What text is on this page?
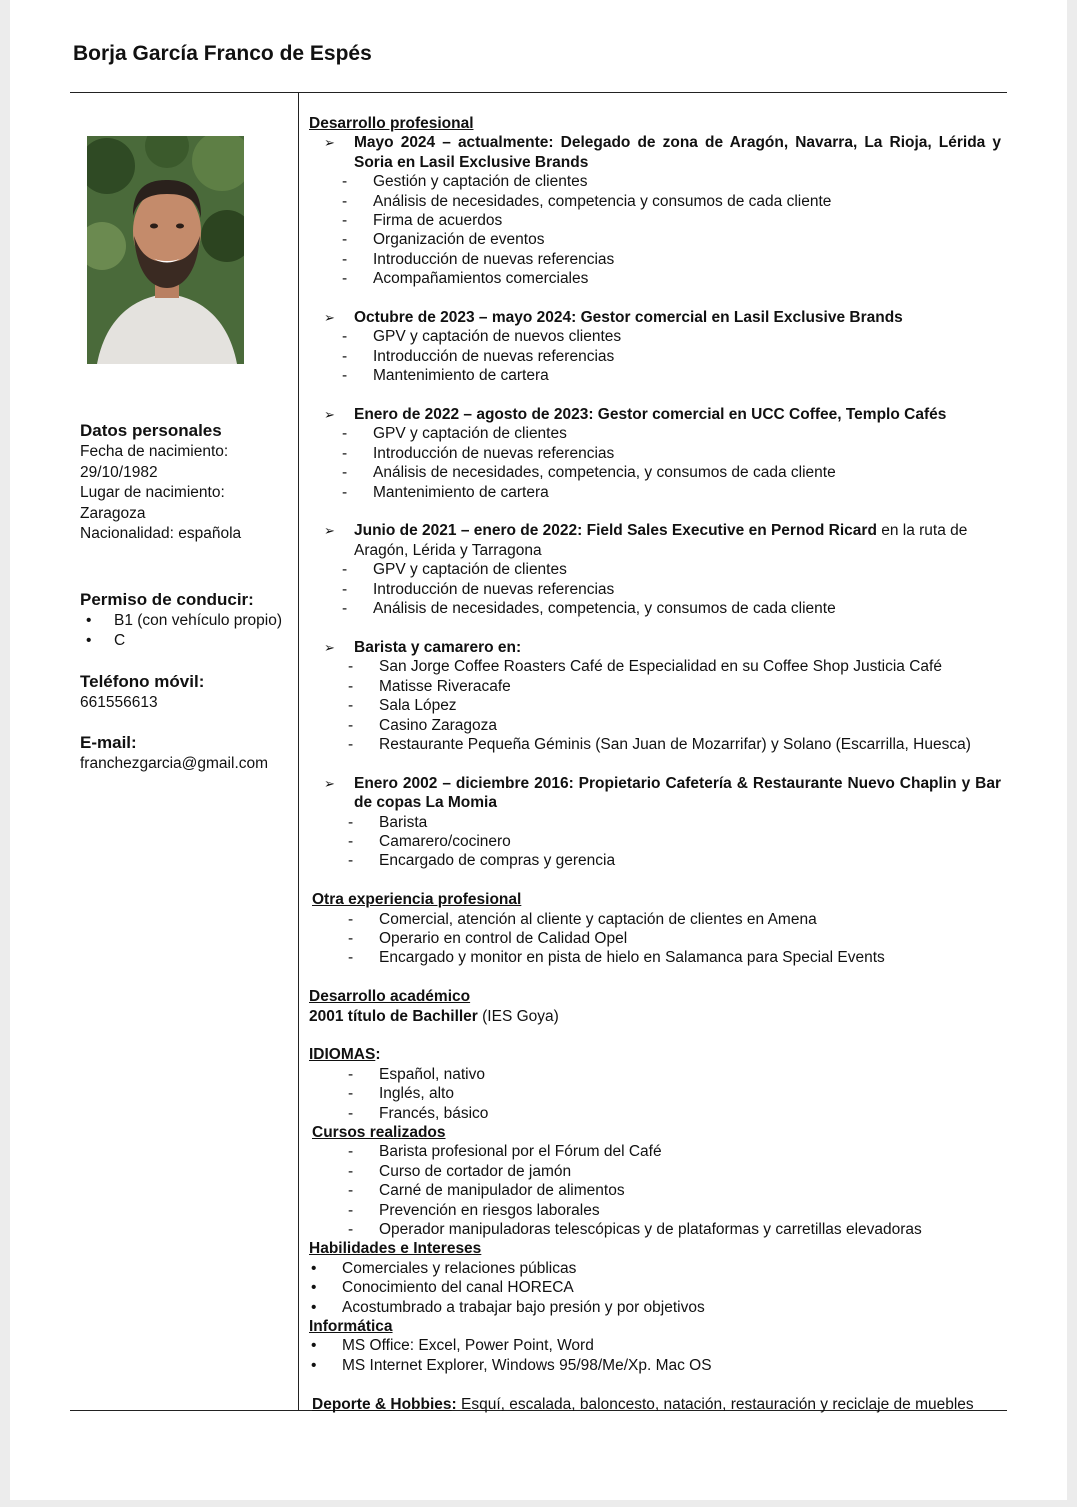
Borja García Franco de Espés
Datos personales
Fecha de nacimiento:
29/10/1982
Lugar de nacimiento:
Zaragoza
Nacionalidad: española
Permiso de conducir:
• B1 (con vehículo propio)
• C
Teléfono móvil:
661556613
E-mail:
franchezgarcia@gmail.com
Desarrollo profesional
➢ Mayo 2024 – actualmente: Delegado de zona de Aragón, Navarra, La Rioja, Lérida y Soria en Lasil Exclusive Brands
- Gestión y captación de clientes
- Análisis de necesidades, competencia y consumos de cada cliente
- Firma de acuerdos
- Organización de eventos
- Introducción de nuevas referencias
- Acompañamientos comerciales
➢ Octubre de 2023 – mayo 2024: Gestor comercial en Lasil Exclusive Brands
- GPV y captación de nuevos clientes
- Introducción de nuevas referencias
- Mantenimiento de cartera
➢ Enero de 2022 – agosto de 2023: Gestor comercial en UCC Coffee, Templo Cafés
- GPV y captación de clientes
- Introducción de nuevas referencias
- Análisis de necesidades, competencia, y consumos de cada cliente
- Mantenimiento de cartera
➢ Junio de 2021 – enero de 2022: Field Sales Executive en Pernod Ricard en la ruta de Aragón, Lérida y Tarragona
- GPV y captación de clientes
- Introducción de nuevas referencias
- Análisis de necesidades, competencia, y consumos de cada cliente
➢ Barista y camarero en:
- San Jorge Coffee Roasters Café de Especialidad en su Coffee Shop Justicia Café
- Matisse Riveracafe
- Sala López
- Casino Zaragoza
- Restaurante Pequeña Géminis (San Juan de Mozarrifar) y Solano (Escarrilla, Huesca)
➢ Enero 2002 – diciembre 2016: Propietario Cafetería & Restaurante Nuevo Chaplin y Bar de copas La Momia
- Barista
- Camarero/cocinero
- Encargado de compras y gerencia
Otra experiencia profesional
- Comercial, atención al cliente y captación de clientes en Amena
- Operario en control de Calidad Opel
- Encargado y monitor en pista de hielo en Salamanca para Special Events
Desarrollo académico
2001 título de Bachiller (IES Goya)
IDIOMAS:
- Español, nativo
- Inglés, alto
- Francés, básico
Cursos realizados
- Barista profesional por el Fórum del Café
- Curso de cortador de jamón
- Carné de manipulador de alimentos
- Prevención en riesgos laborales
- Operador manipuladoras telescópicas y de plataformas y carretillas elevadoras
Habilidades e Intereses
• Comerciales y relaciones públicas
• Conocimiento del canal HORECA
• Acostumbrado a trabajar bajo presión y por objetivos
Informática
• MS Office: Excel, Power Point, Word
• MS Internet Explorer, Windows 95/98/Me/Xp. Mac OS
Deporte & Hobbies: Esquí, escalada, baloncesto, natación, restauración y reciclaje de muebles
